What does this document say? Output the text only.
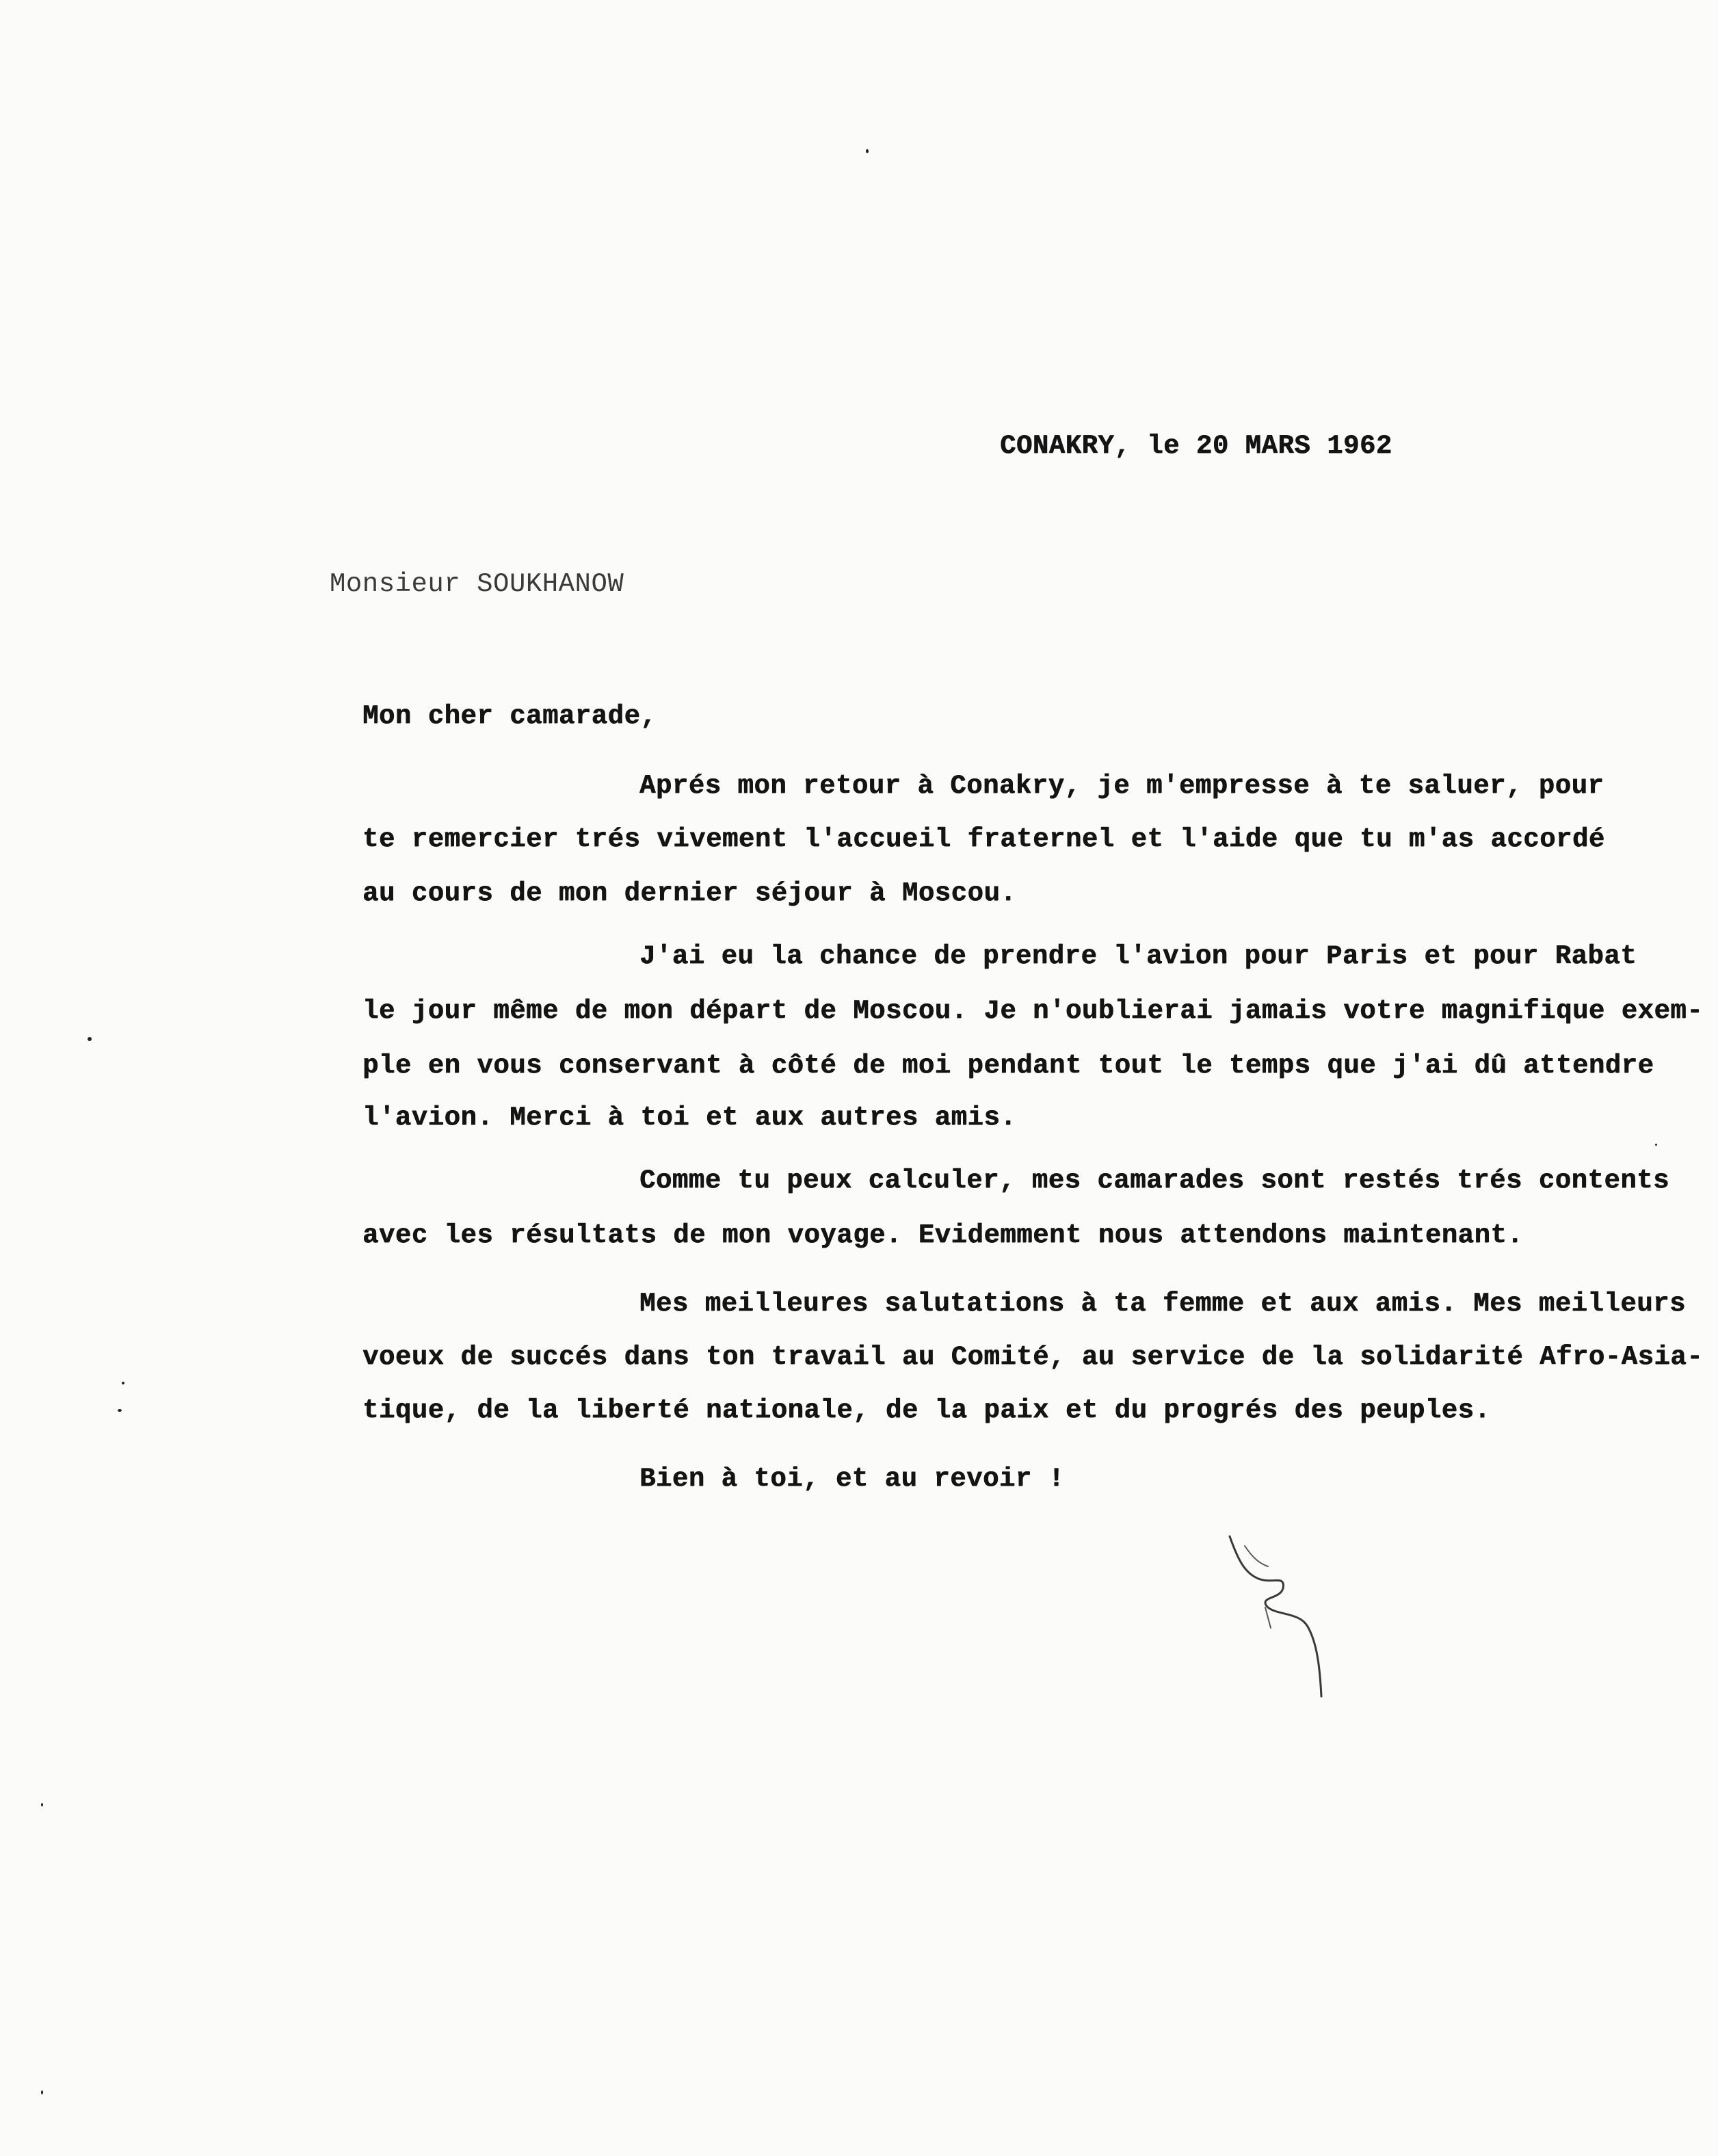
CONAKRY, le 20 MARS 1962
Monsieur SOUKHANOW
Mon cher camarade,
Aprés mon retour à Conakry, je m'empresse à te saluer, pour
te remercier trés vivement l'accueil fraternel et l'aide que tu m'as accordé
au cours de mon dernier séjour à Moscou.
J'ai eu la chance de prendre l'avion pour Paris et pour Rabat
le jour même de mon départ de Moscou. Je n'oublierai jamais votre magnifique exem-
ple en vous conservant à côté de moi pendant tout le temps que j'ai dû attendre
l'avion. Merci à toi et aux autres amis.
Comme tu peux calculer, mes camarades sont restés trés contents
avec les résultats de mon voyage. Evidemment nous attendons maintenant.
Mes meilleures salutations à ta femme et aux amis. Mes meilleurs
voeux de succés dans ton travail au Comité, au service de la solidarité Afro-Asia-
tique, de la liberté nationale, de la paix et du progrés des peuples.
Bien à toi, et au revoir !
